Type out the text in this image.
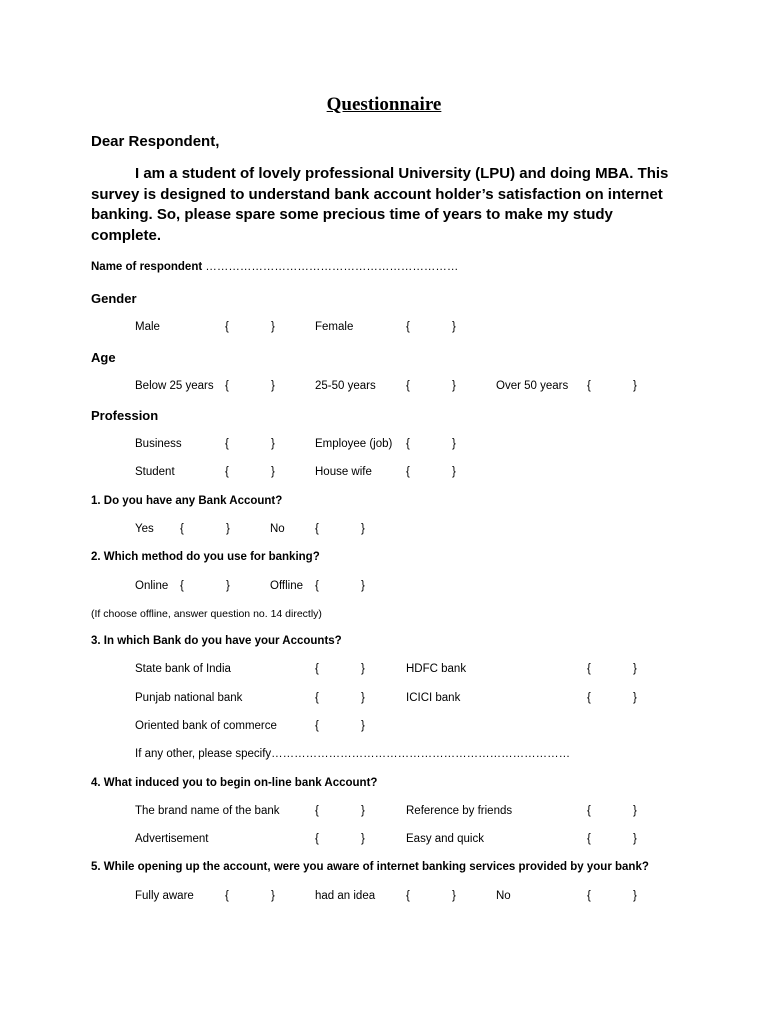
Questionnaire
Dear Respondent,
I am a student of lovely professional University (LPU) and doing MBA. This survey is designed to understand bank account holder’s satisfaction on internet banking. So, please spare some precious time of years to make my study complete.
Name of respondent …………………………………………………………
Gender
Male	{	}	Female	{	}
Age
Below 25 years {	}	25-50 years	{	}	Over 50 years {	}
Profession
Business	{	}	Employee (job) {	}
Student	{	}	House wife	{	}
1. Do you have any Bank Account?
Yes {	}	No	{	}
2. Which method do you use for banking?
Online {	}	Offline {	}
(If choose offline, answer question no. 14 directly)
3. In which Bank do you have your Accounts?
State bank of India	{	}	HDFC bank	{	}
Punjab national bank	{	}	ICICI bank	{	}
Oriented bank of commerce	{	}
If any other, please specify……………………………………………………………………
4. What induced you to begin on-line bank Account?
The brand name of the bank	{	}	Reference by friends	{	}
Advertisement	{	}	Easy and quick	{	}
5. While opening up the account, were you aware of internet banking services provided by your bank?
Fully aware	{	}	had an idea	{	}	No	{	}
